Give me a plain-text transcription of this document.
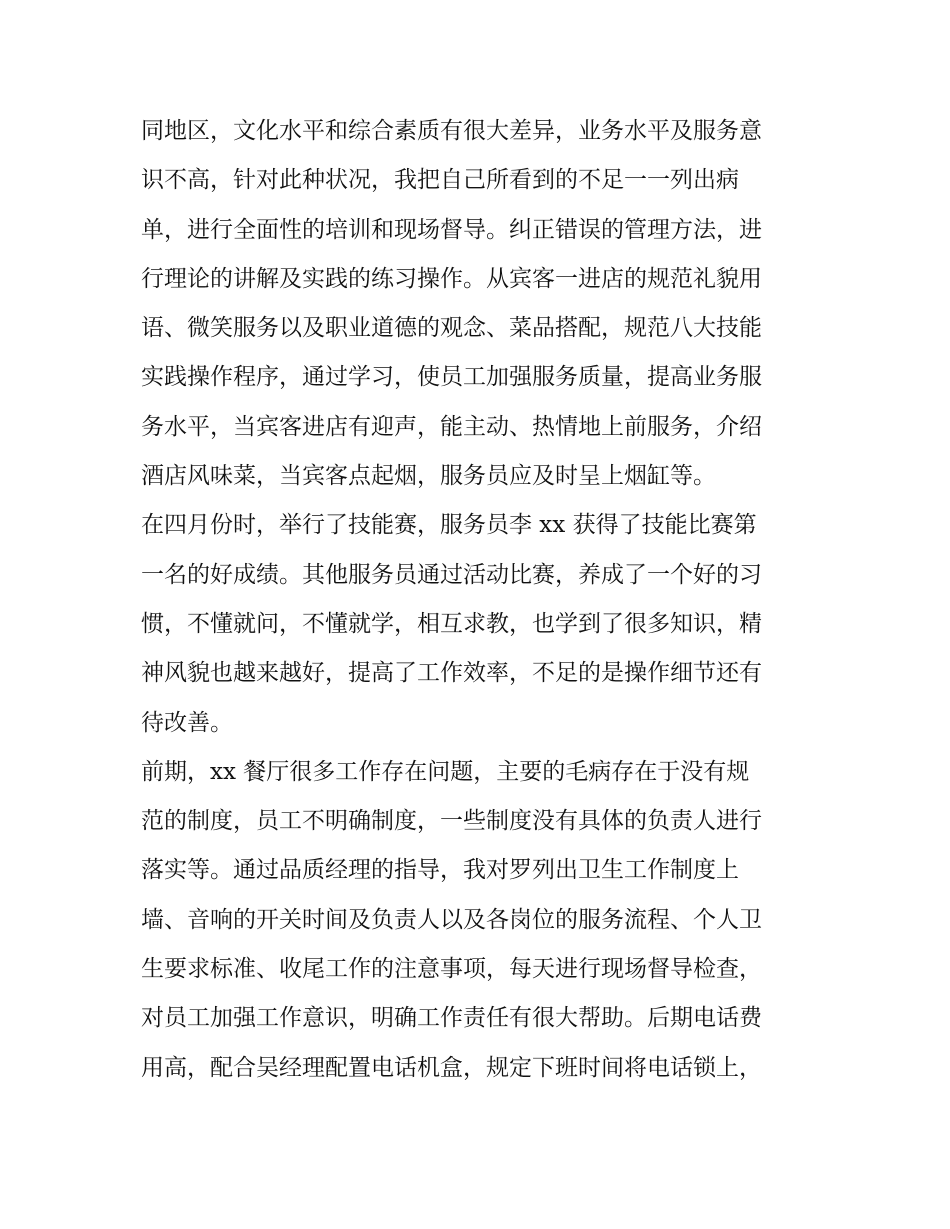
同地区，文化水平和综合素质有很大差异，业务水平及服务意
识不高，针对此种状况，我把自己所看到的不足一一列出病
单，进行全面性的培训和现场督导。纠正错误的管理方法，进
行理论的讲解及实践的练习操作。从宾客一进店的规范礼貌用
语、微笑服务以及职业道德的观念、菜品搭配，规范八大技能
实践操作程序，通过学习，使员工加强服务质量，提高业务服
务水平，当宾客进店有迎声，能主动、热情地上前服务，介绍
酒店风味菜，当宾客点起烟，服务员应及时呈上烟缸等。
在四月份时，举行了技能赛，服务员李 xx 获得了技能比赛第
一名的好成绩。其他服务员通过活动比赛，养成了一个好的习
惯，不懂就问，不懂就学，相互求教，也学到了很多知识，精
神风貌也越来越好，提高了工作效率，不足的是操作细节还有
待改善。
前期，xx 餐厅很多工作存在问题，主要的毛病存在于没有规
范的制度，员工不明确制度，一些制度没有具体的负责人进行
落实等。通过品质经理的指导，我对罗列出卫生工作制度上
墙、音响的开关时间及负责人以及各岗位的服务流程、个人卫
生要求标准、收尾工作的注意事项，每天进行现场督导检查，
对员工加强工作意识，明确工作责任有很大帮助。后期电话费
用高，配合吴经理配置电话机盒，规定下班时间将电话锁上，
